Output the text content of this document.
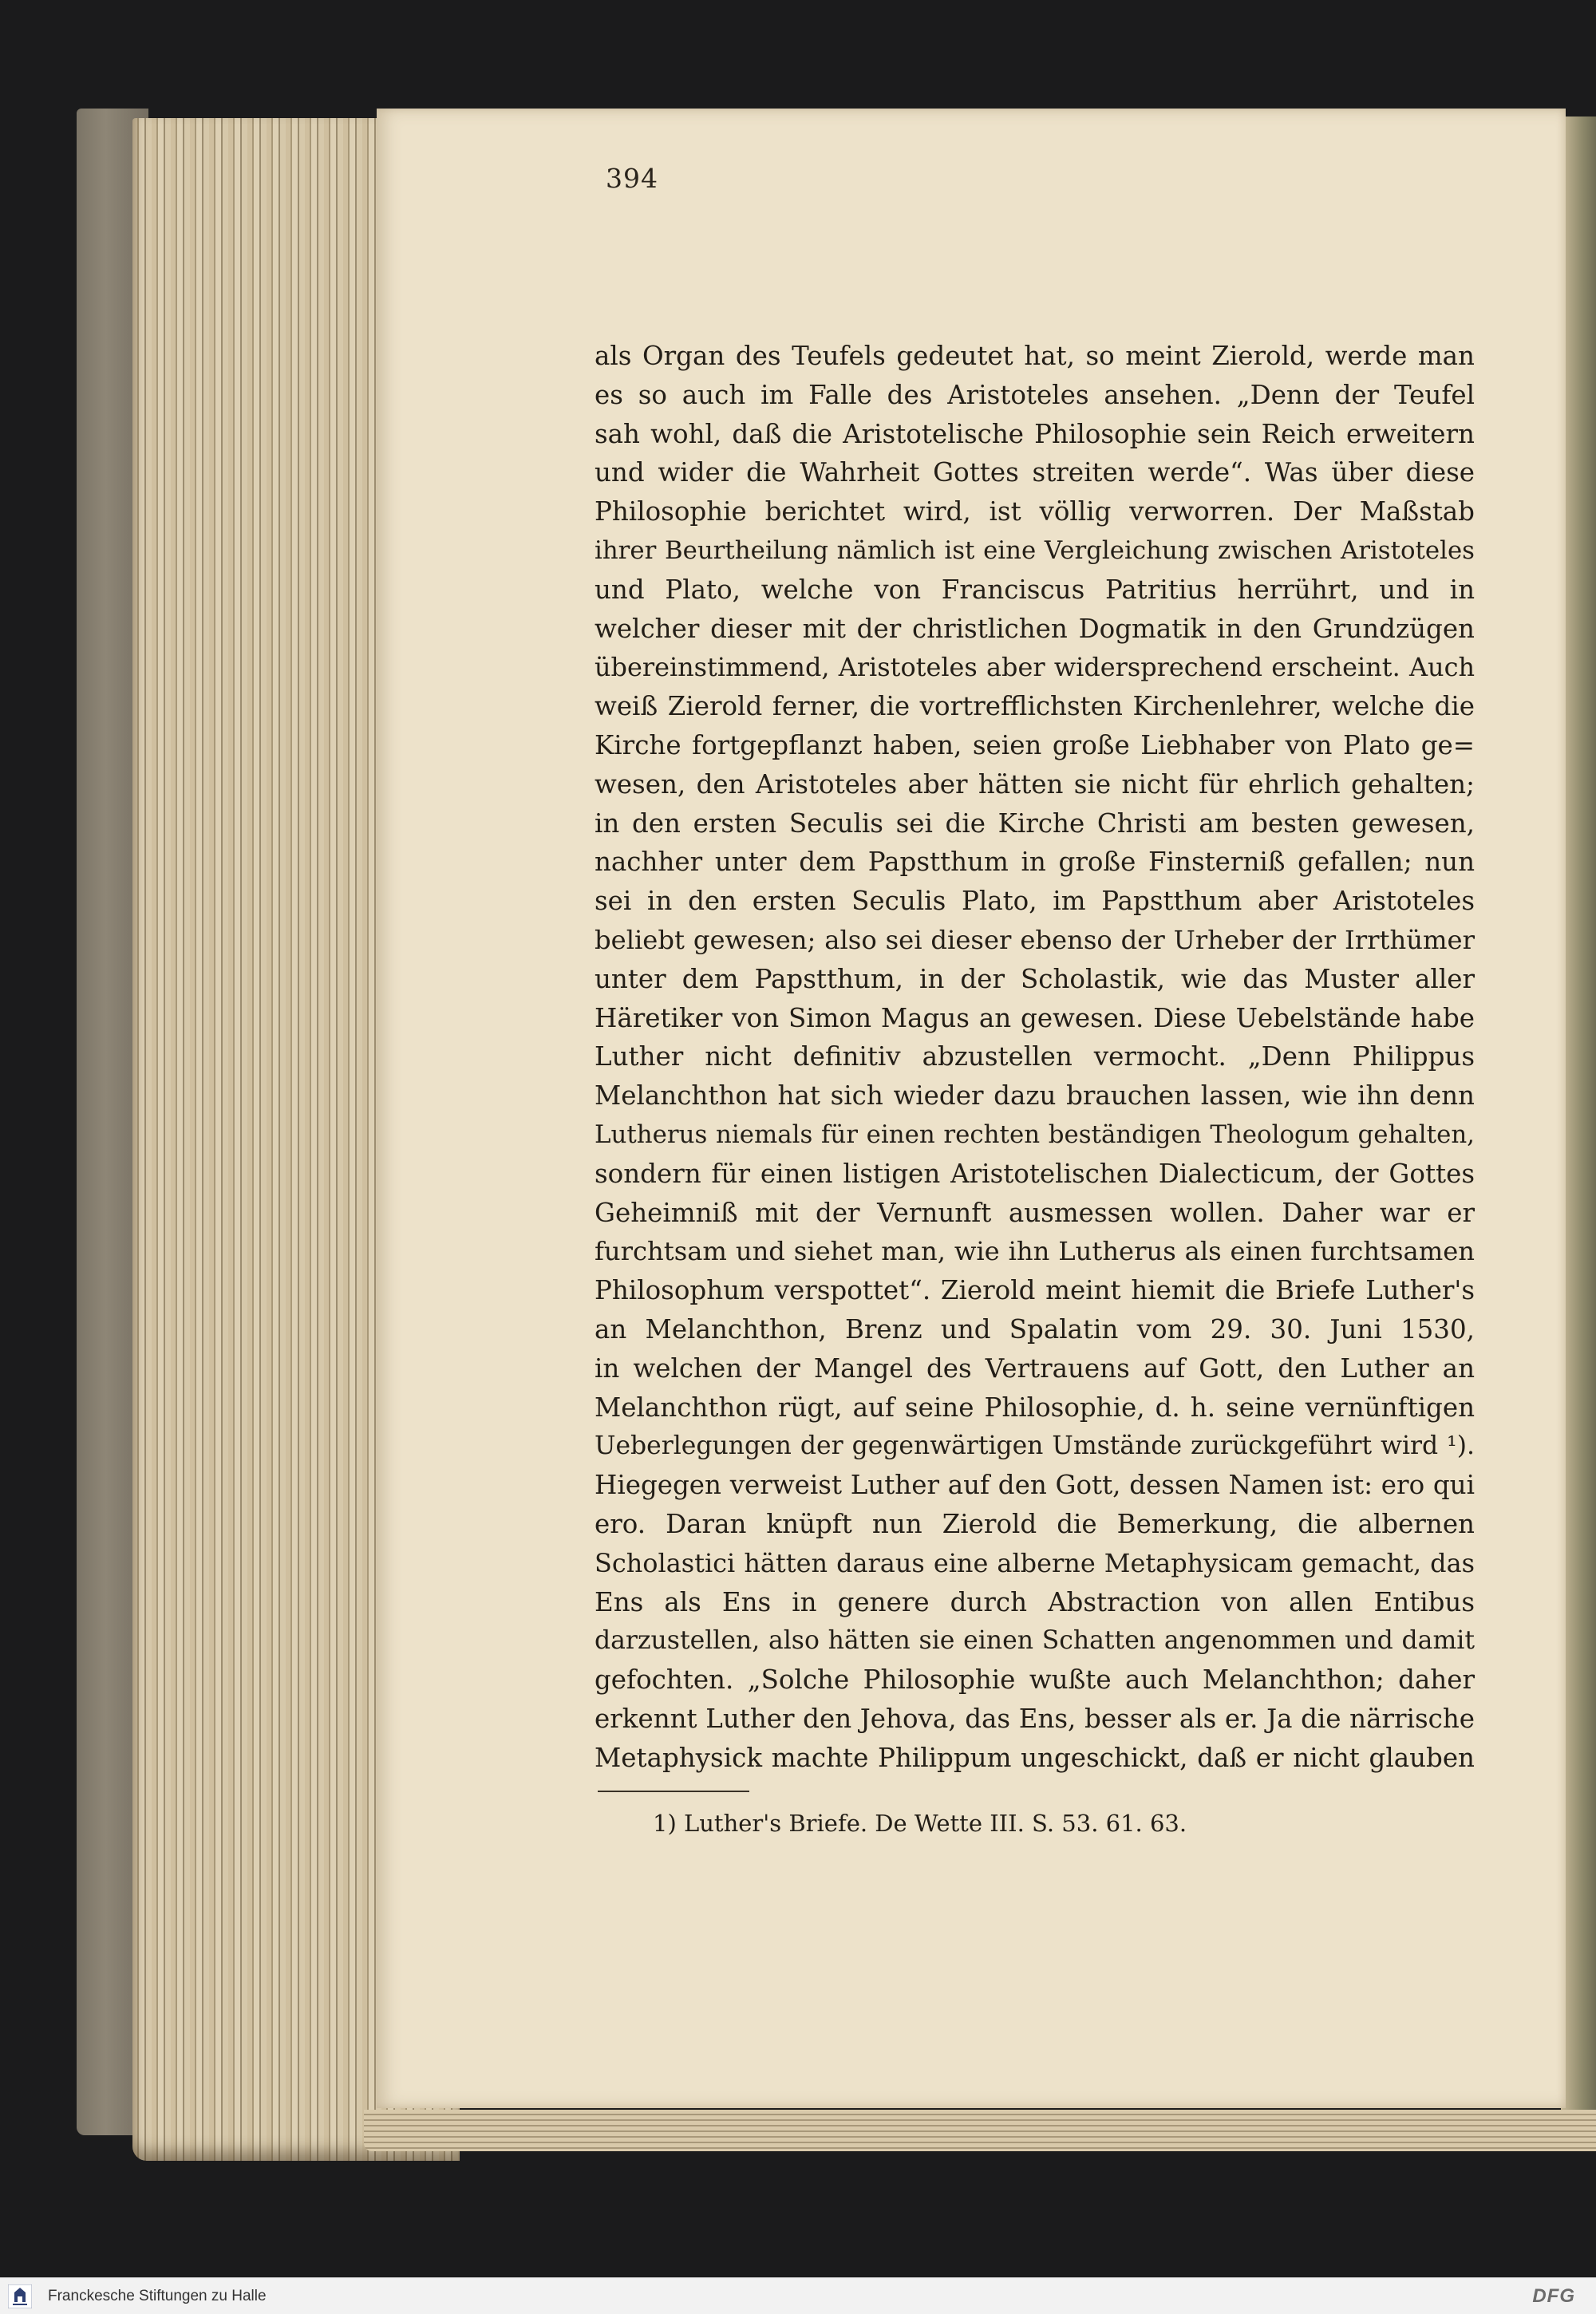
394
als Organ des Teufels gedeutet hat, so meint Zierold, werde man
es so auch im Falle des Aristoteles ansehen. „Denn der Teufel
sah wohl, daß die Aristotelische Philosophie sein Reich erweitern
und wider die Wahrheit Gottes streiten werde“. Was über diese
Philosophie berichtet wird, ist völlig verworren. Der Maßstab
ihrer Beurtheilung nämlich ist eine Vergleichung zwischen Aristoteles
und Plato, welche von Franciscus Patritius herrührt, und in
welcher dieser mit der christlichen Dogmatik in den Grundzügen
übereinstimmend, Aristoteles aber widersprechend erscheint. Auch
weiß Zierold ferner, die vortrefflichsten Kirchenlehrer, welche die
Kirche fortgepflanzt haben, seien große Liebhaber von Plato ge=
wesen, den Aristoteles aber hätten sie nicht für ehrlich gehalten;
in den ersten Seculis sei die Kirche Christi am besten gewesen,
nachher unter dem Papstthum in große Finsterniß gefallen; nun
sei in den ersten Seculis Plato, im Papstthum aber Aristoteles
beliebt gewesen; also sei dieser ebenso der Urheber der Irrthümer
unter dem Papstthum, in der Scholastik, wie das Muster aller
Häretiker von Simon Magus an gewesen. Diese Uebelstände habe
Luther nicht definitiv abzustellen vermocht. „Denn Philippus
Melanchthon hat sich wieder dazu brauchen lassen, wie ihn denn
Lutherus niemals für einen rechten beständigen Theologum gehalten,
sondern für einen listigen Aristotelischen Dialecticum, der Gottes
Geheimniß mit der Vernunft ausmessen wollen. Daher war er
furchtsam und siehet man, wie ihn Lutherus als einen furchtsamen
Philosophum verspottet“. Zierold meint hiemit die Briefe Luther's
an Melanchthon, Brenz und Spalatin vom 29. 30. Juni 1530,
in welchen der Mangel des Vertrauens auf Gott, den Luther an
Melanchthon rügt, auf seine Philosophie, d. h. seine vernünftigen
Ueberlegungen der gegenwärtigen Umstände zurückgeführt wird ¹).
Hiegegen verweist Luther auf den Gott, dessen Namen ist: ero qui
ero. Daran knüpft nun Zierold die Bemerkung, die albernen
Scholastici hätten daraus eine alberne Metaphysicam gemacht, das
Ens als Ens in genere durch Abstraction von allen Entibus
darzustellen, also hätten sie einen Schatten angenommen und damit
gefochten. „Solche Philosophie wußte auch Melanchthon; daher
erkennt Luther den Jehova, das Ens, besser als er. Ja die närrische
Metaphysick machte Philippum ungeschickt, daß er nicht glauben
1) Luther's Briefe. De Wette III. S. 53. 61. 63.
Franckesche Stiftungen zu Halle	DFG
